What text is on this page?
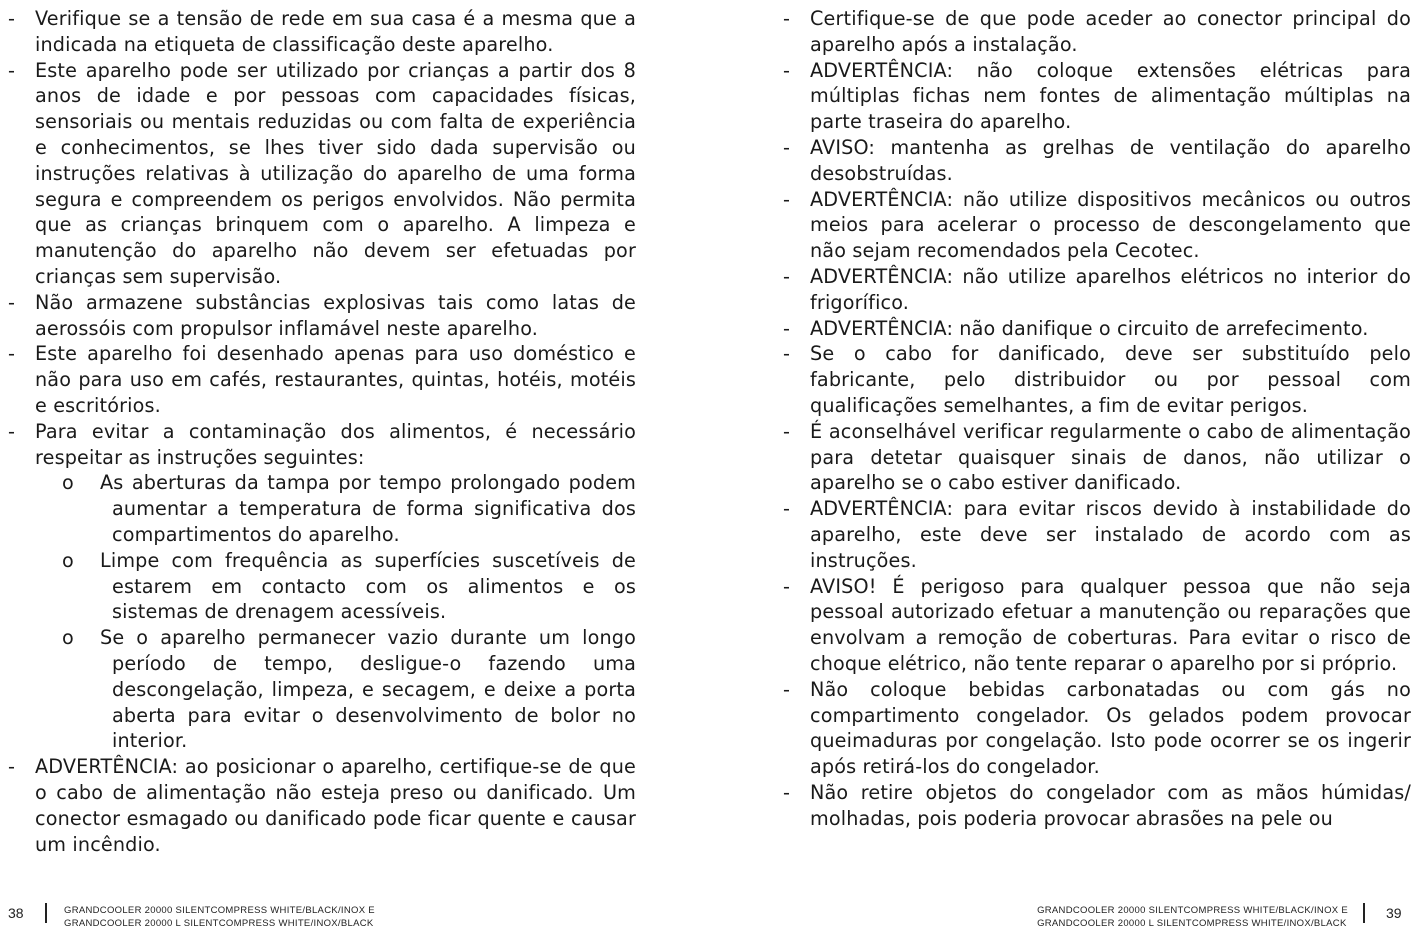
- Verifique se a tensão de rede em sua casa é a mesma que a indicada na etiqueta de classificação deste aparelho.
- Este aparelho pode ser utilizado por crianças a partir dos 8 anos de idade e por pessoas com capacidades físicas, sensoriais ou mentais reduzidas ou com falta de experiência e conhecimentos, se lhes tiver sido dada supervisão ou instruções relativas à utilização do aparelho de uma forma segura e compreendem os perigos envolvidos. Não permita que as crianças brinquem com o aparelho. A limpeza e manutenção do aparelho não devem ser efetuadas por crianças sem supervisão.
- Não armazene substâncias explosivas tais como latas de aerossóis com propulsor inflamável neste aparelho.
- Este aparelho foi desenhado apenas para uso doméstico e não para uso em cafés, restaurantes, quintas, hotéis, motéis e escritórios.
- Para evitar a contaminação dos alimentos, é necessário respeitar as instruções seguintes:
o As aberturas da tampa por tempo prolongado podem aumentar a temperatura de forma significativa dos compartimentos do aparelho.
o Limpe com frequência as superfícies suscetíveis de estarem em contacto com os alimentos e os sistemas de drenagem acessíveis.
o Se o aparelho permanecer vazio durante um longo período de tempo, desligue-o fazendo uma descongelação, limpeza, e secagem, e deixe a porta aberta para evitar o desenvolvimento de bolor no interior.
- ADVERTÊNCIA: ao posicionar o aparelho, certifique-se de que o cabo de alimentação não esteja preso ou danificado. Um conector esmagado ou danificado pode ficar quente e causar um incêndio.
- Certifique-se de que pode aceder ao conector principal do aparelho após a instalação.
- ADVERTÊNCIA: não coloque extensões elétricas para múltiplas fichas nem fontes de alimentação múltiplas na parte traseira do aparelho.
- AVISO: mantenha as grelhas de ventilação do aparelho desobstruídas.
- ADVERTÊNCIA: não utilize dispositivos mecânicos ou outros meios para acelerar o processo de descongelamento que não sejam recomendados pela Cecotec.
- ADVERTÊNCIA: não utilize aparelhos elétricos no interior do frigorífico.
- ADVERTÊNCIA: não danifique o circuito de arrefecimento.
- Se o cabo for danificado, deve ser substituído pelo fabricante, pelo distribuidor ou por pessoal com qualificações semelhantes, a fim de evitar perigos.
- É aconselhável verificar regularmente o cabo de alimentação para detetar quaisquer sinais de danos, não utilizar o aparelho se o cabo estiver danificado.
- ADVERTÊNCIA: para evitar riscos devido à instabilidade do aparelho, este deve ser instalado de acordo com as instruções.
- AVISO! É perigoso para qualquer pessoa que não seja pessoal autorizado efetuar a manutenção ou reparações que envolvam a remoção de coberturas. Para evitar o risco de choque elétrico, não tente reparar o aparelho por si próprio.
- Não coloque bebidas carbonatadas ou com gás no compartimento congelador. Os gelados podem provocar queimaduras por congelação. Isto pode ocorrer se os ingerir após retirá-los do congelador.
- Não retire objetos do congelador com as mãos húmidas/ molhadas, pois poderia provocar abrasões na pele ou
38	GRANDCOOLER 20000 SILENTCOMPRESS WHITE/BLACK/INOX E
GRANDCOOLER 20000 L SILENTCOMPRESS WHITE/INOX/BLACK
GRANDCOOLER 20000 SILENTCOMPRESS WHITE/BLACK/INOX E
GRANDCOOLER 20000 L SILENTCOMPRESS WHITE/INOX/BLACK
39
